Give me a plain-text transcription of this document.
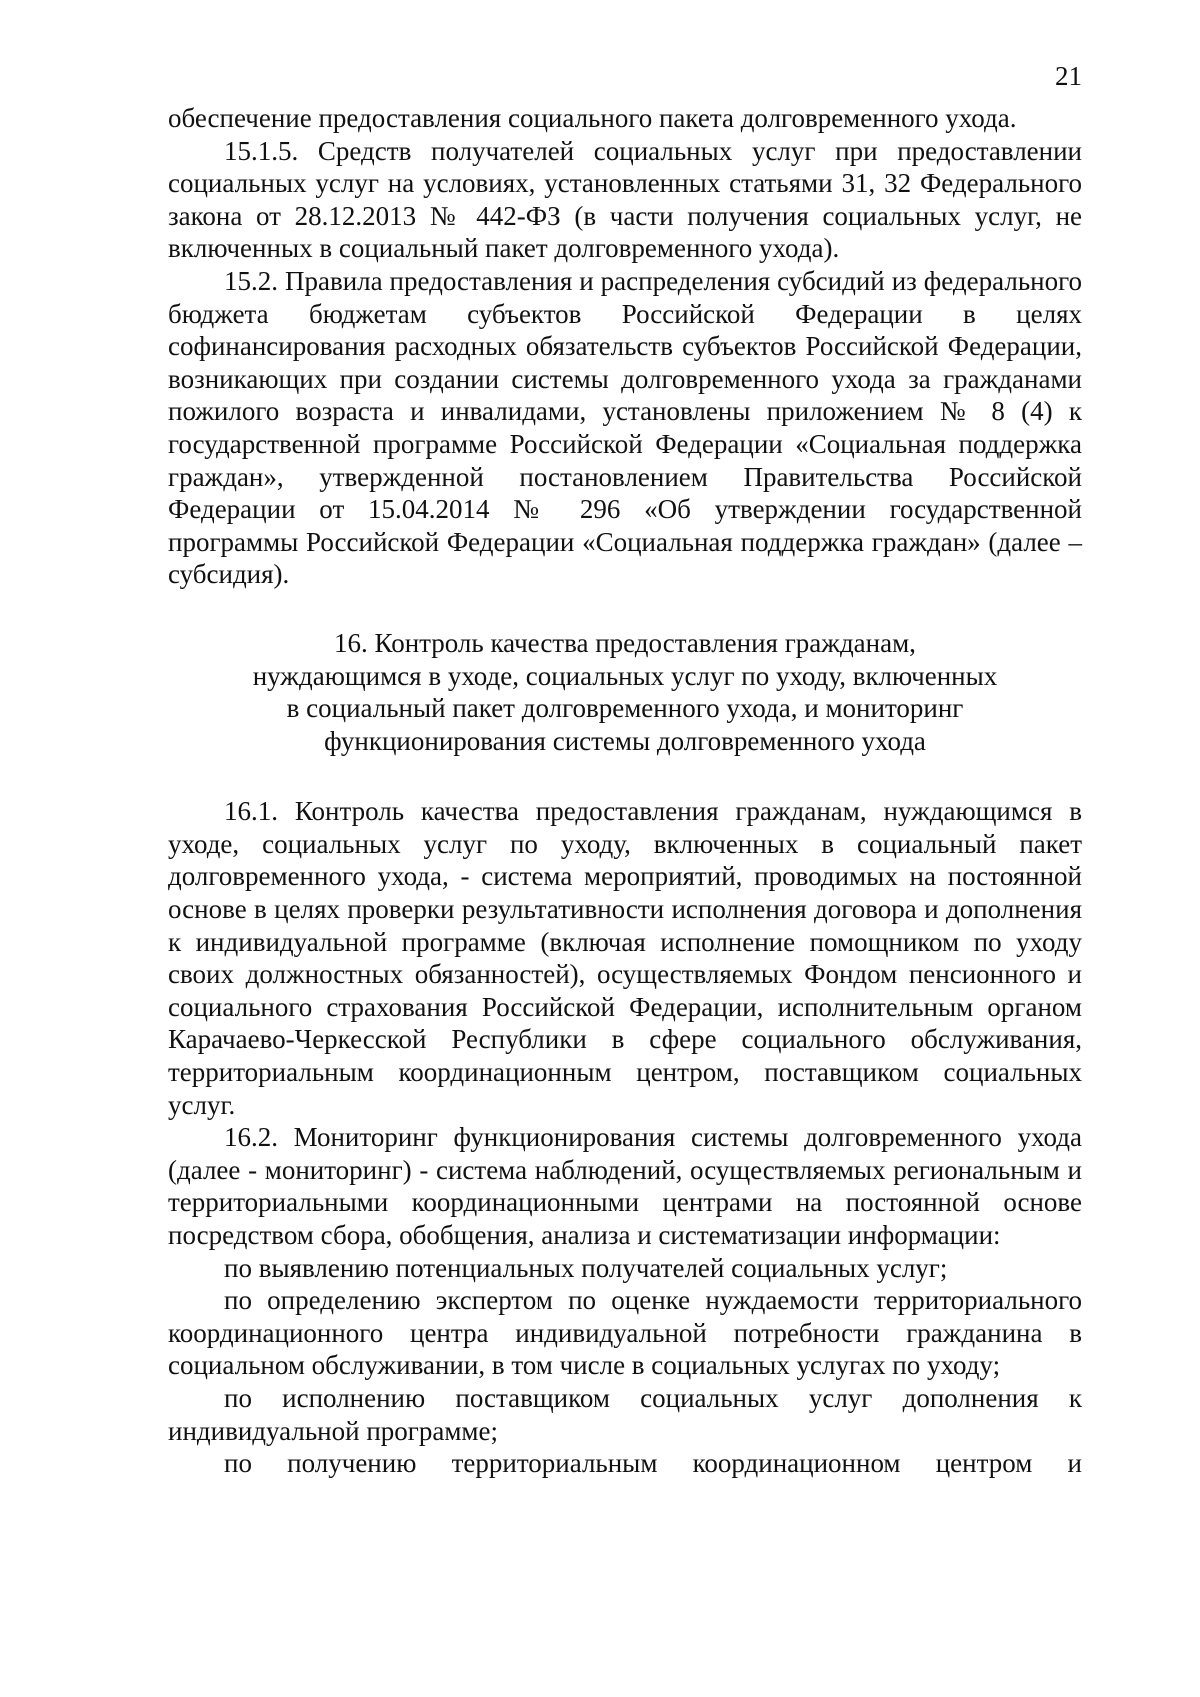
21

обеспечение предоставления социального пакета долговременного ухода.

15.1.5. Средств получателей социальных услуг при предоставлении социальных услуг на условиях, установленных статьями 31, 32 Федерального закона от 28.12.2013 № 442-ФЗ (в части получения социальных услуг, не включенных в социальный пакет долговременного ухода).

15.2. Правила предоставления и распределения субсидий из федерального бюджета бюджетам субъектов Российской Федерации в целях софинансирования расходных обязательств субъектов Российской Федерации, возникающих при создании системы долговременного ухода за гражданами пожилого возраста и инвалидами, установлены приложением № 8 (4) к государственной программе Российской Федерации «Социальная поддержка граждан», утвержденной постановлением Правительства Российской Федерации от 15.04.2014 № 296 «Об утверждении государственной программы Российской Федерации «Социальная поддержка граждан» (далее – субсидия).

16. Контроль качества предоставления гражданам,
нуждающимся в уходе, социальных услуг по уходу, включенных
в социальный пакет долговременного ухода, и мониторинг
функционирования системы долговременного ухода

16.1. Контроль качества предоставления гражданам, нуждающимся в уходе, социальных услуг по уходу, включенных в социальный пакет долговременного ухода, - система мероприятий, проводимых на постоянной основе в целях проверки результативности исполнения договора и дополнения к индивидуальной программе (включая исполнение помощником по уходу своих должностных обязанностей), осуществляемых Фондом пенсионного и социального страхования Российской Федерации, исполнительным органом Карачаево-Черкесской Республики в сфере социального обслуживания, территориальным координационным центром, поставщиком социальных услуг.

16.2. Мониторинг функционирования системы долговременного ухода (далее - мониторинг) - система наблюдений, осуществляемых региональным и территориальными координационными центрами на постоянной основе посредством сбора, обобщения, анализа и систематизации информации:

по выявлению потенциальных получателей социальных услуг;

по определению экспертом по оценке нуждаемости территориального координационного центра индивидуальной потребности гражданина в социальном обслуживании, в том числе в социальных услугах по уходу;

по исполнению поставщиком социальных услуг дополнения к индивидуальной программе;

по получению территориальным координационном центром и
